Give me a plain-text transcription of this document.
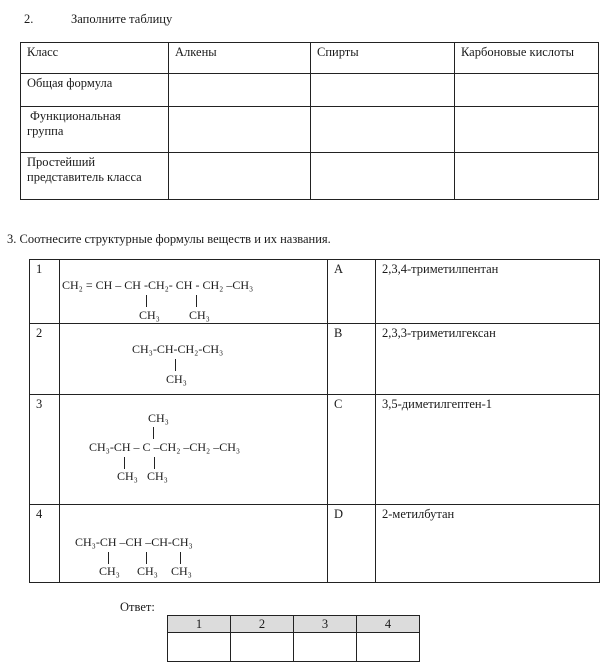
2.	Заполните таблицу
Класс	Алкены	Спирты	Карбоновые кислоты
Общая формула			

Функциональная
группа			

Простейший
представитель класса			

3. Соотнесите структурные формулы веществ и их названия.
1	CH₂ = CH – CH -CH₂- CH - CH₂ –CH₃
CH₃ CH₃	A	2,3,4-триметилпентан
2	CH₃-CH-CH₂-CH₃
CH₃	B	2,3,3-триметилгексан
3	CH₃
CH₃-CH – C –CH₂ –CH₂ –CH₃
CH₃ CH₃	C	3,5-диметилгептен-1
4	CH₃-CH –CH –CH-CH₃
CH₃ CH₃ CH₃	D	2-метилбутан
Ответ:
1	2	3	4
